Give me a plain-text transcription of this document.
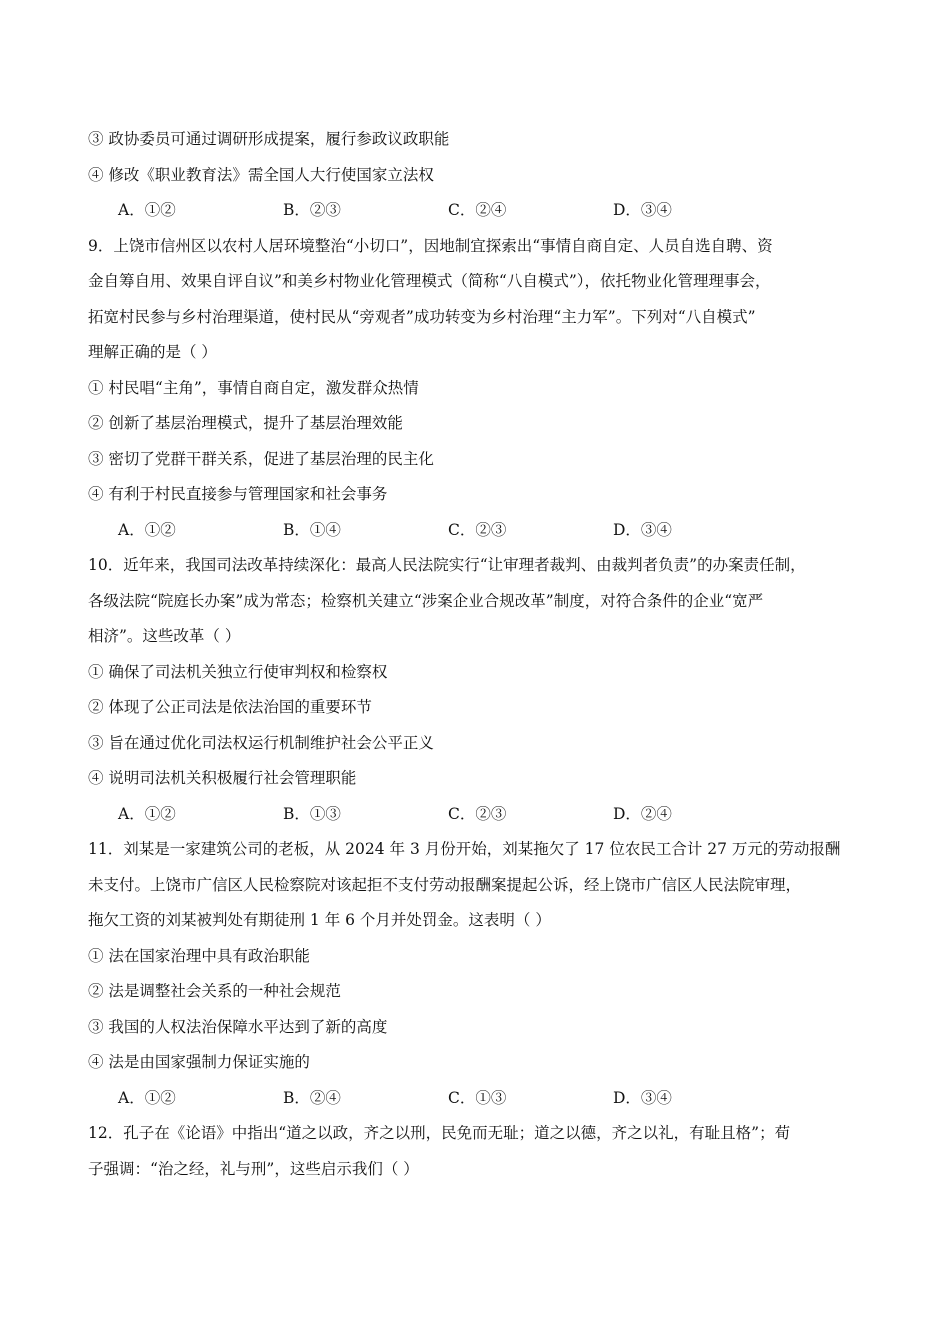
③ 政协委员可通过调研形成提案，履行参政议政职能
④ 修改《职业教育法》需全国人大行使国家立法权
A．①②	B．②③	C．②④	D．③④
9．上饶市信州区以农村人居环境整治“小切口”，因地制宜探索出“事情自商自定、人员自选自聘、资
金自筹自用、效果自评自议”和美乡村物业化管理模式（简称“八自模式”），依托物业化管理理事会，
拓宽村民参与乡村治理渠道，使村民从“旁观者”成功转变为乡村治理“主力军”。下列对“八自模式”
理解正确的是（ ）
① 村民唱“主角”，事情自商自定，激发群众热情
② 创新了基层治理模式，提升了基层治理效能
③ 密切了党群干群关系，促进了基层治理的民主化
④ 有利于村民直接参与管理国家和社会事务
A．①②	B．①④	C．②③	D．③④
10．近年来，我国司法改革持续深化：最高人民法院实行“让审理者裁判、由裁判者负责”的办案责任制，
各级法院“院庭长办案”成为常态；检察机关建立“涉案企业合规改革”制度，对符合条件的企业“宽严
相济”。这些改革（ ）
① 确保了司法机关独立行使审判权和检察权
② 体现了公正司法是依法治国的重要环节
③ 旨在通过优化司法权运行机制维护社会公平正义
④ 说明司法机关积极履行社会管理职能
A．①②	B．①③	C．②③	D．②④
11．刘某是一家建筑公司的老板，从 2024 年 3 月份开始，刘某拖欠了 17 位农民工合计 27 万元的劳动报酬
未支付。上饶市广信区人民检察院对该起拒不支付劳动报酬案提起公诉，经上饶市广信区人民法院审理，
拖欠工资的刘某被判处有期徒刑 1 年 6 个月并处罚金。这表明（ ）
① 法在国家治理中具有政治职能
② 法是调整社会关系的一种社会规范
③ 我国的人权法治保障水平达到了新的高度
④ 法是由国家强制力保证实施的
A．①②	B．②④	C．①③	D．③④
12．孔子在《论语》中指出“道之以政，齐之以刑，民免而无耻；道之以德，齐之以礼，有耻且格”；荀
子强调：“治之经，礼与刑”，这些启示我们（ ）
